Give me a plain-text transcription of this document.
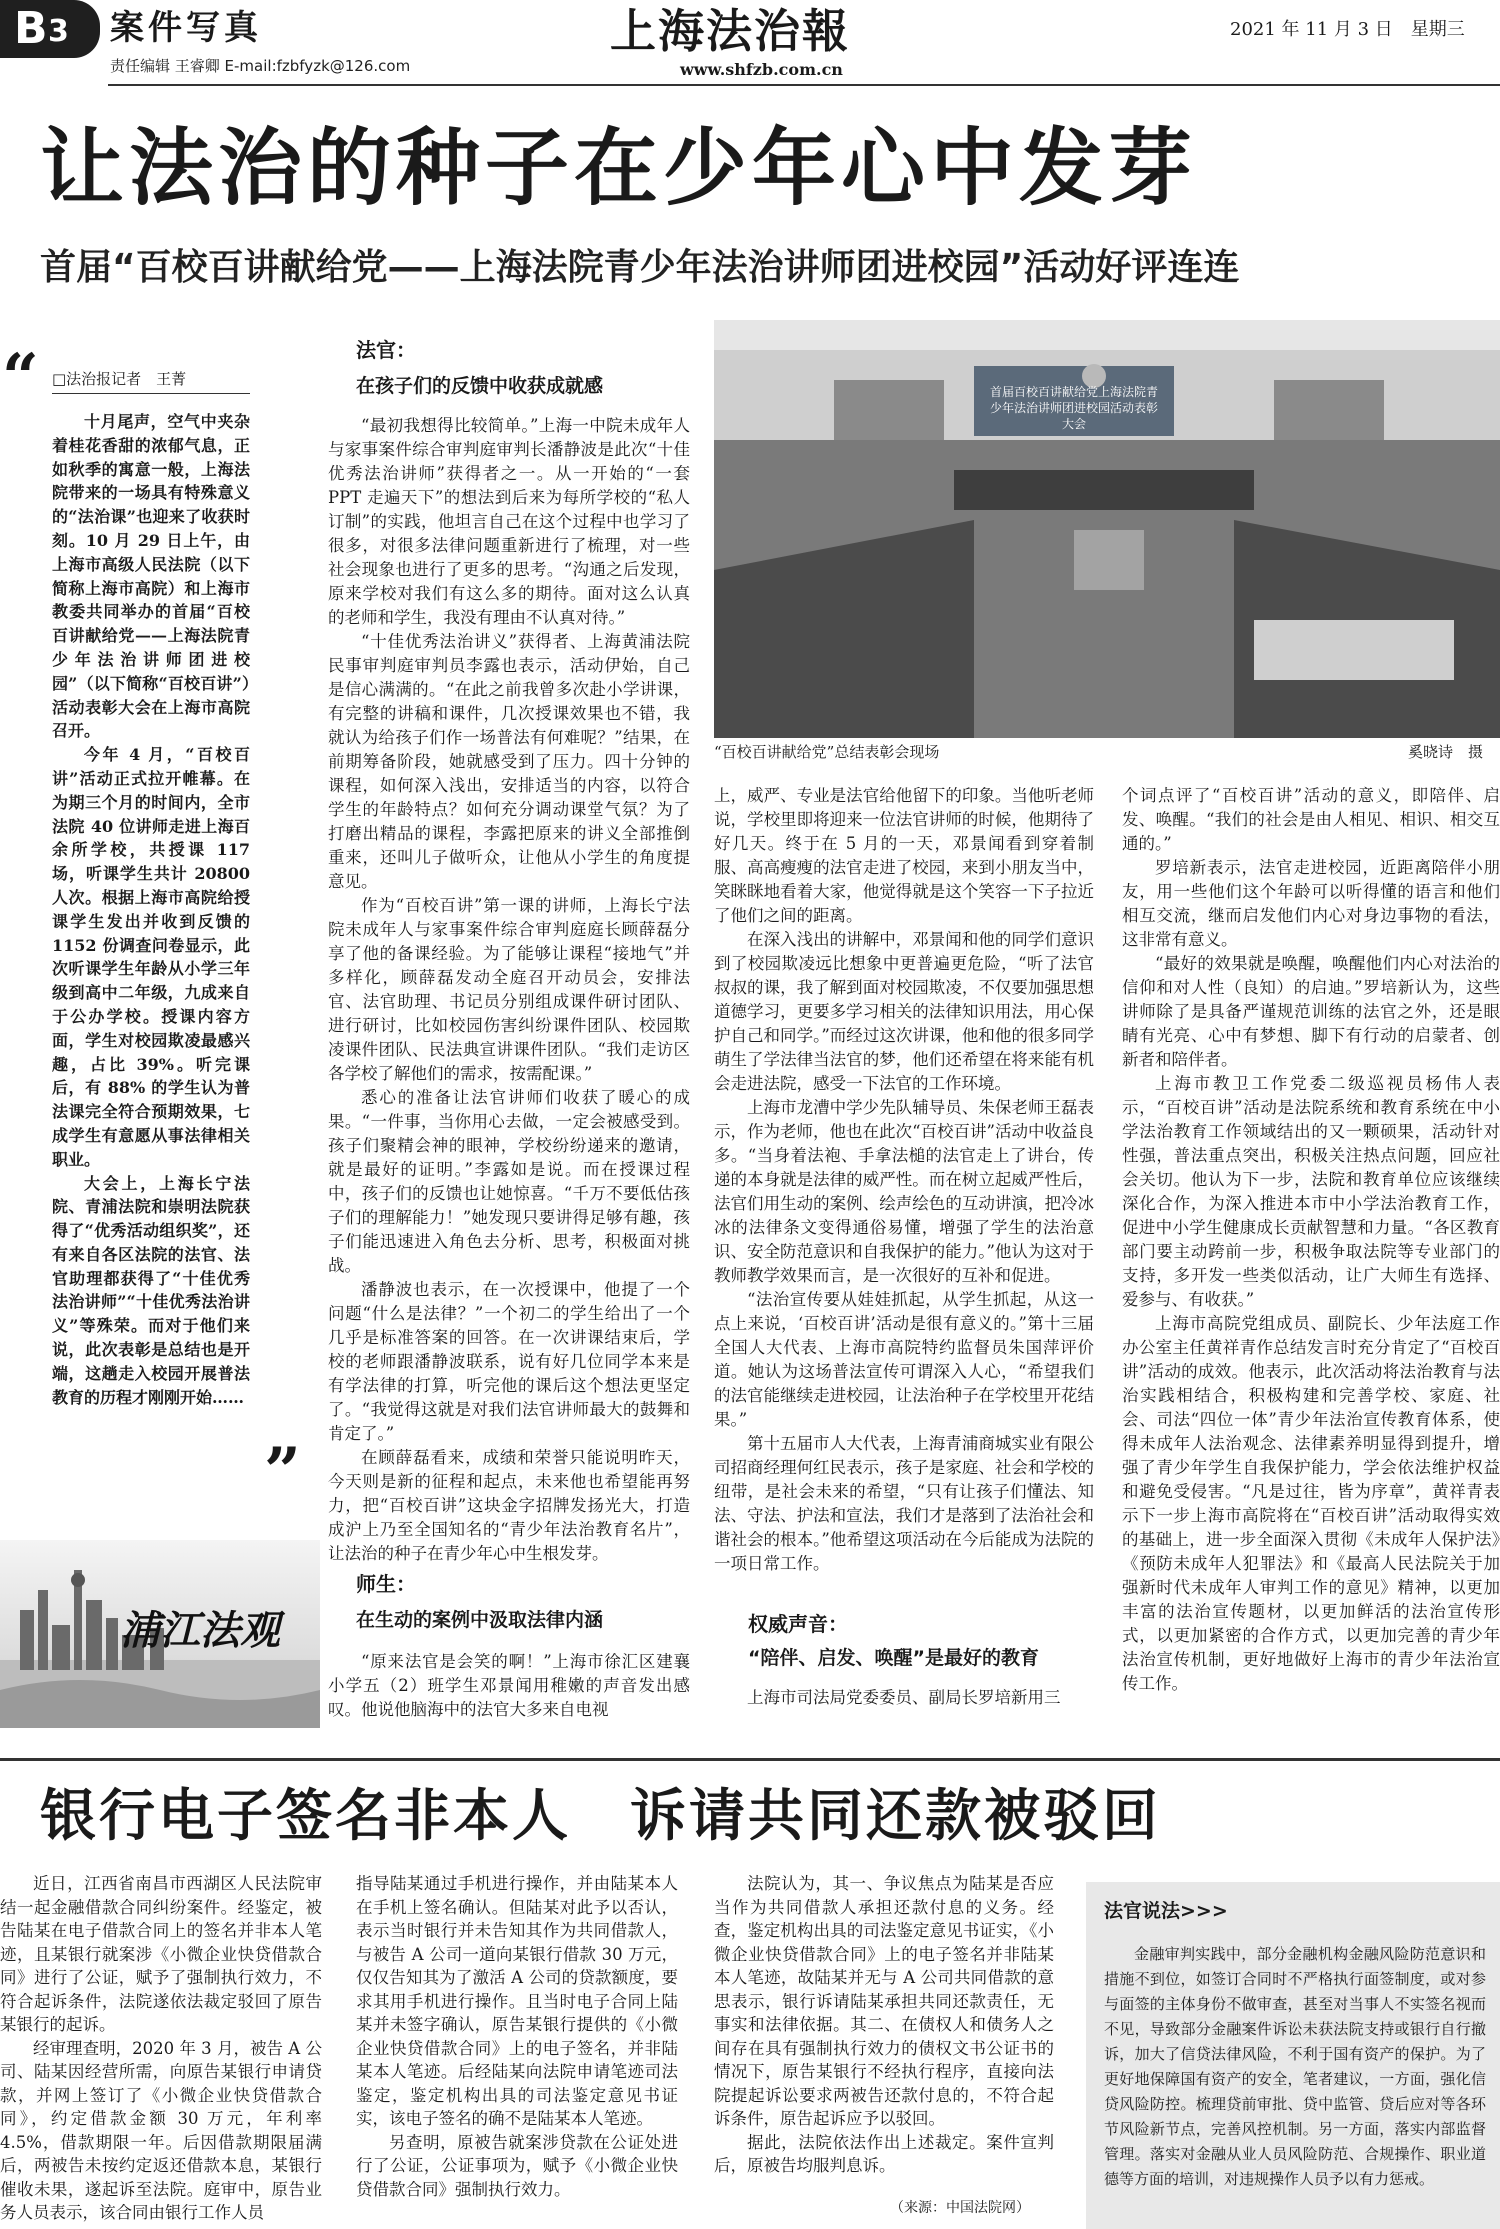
B 3 案件写真
责任编辑 王睿卿 E-mail:fzbfyzk@126.com
上海法治報
www.shfzb.com.cn
2021 年 11 月 3 日　星期三
让法治的种子在少年心中发芽
首届“百校百讲献给党——上海法院青少年法治讲师团进校园”活动好评连连
“ □法治报记者　王菁

十月尾声，空气中夹杂着桂花香甜的浓郁气息，正如秋季的寓意一般，上海法院带来的一场具有特殊意义的“法治课”也迎来了收获时刻。10 月 29 日上午，由上海市高级人民法院（以下简称上海市高院）和上海市教委共同举办的首届“百校百讲献给党——上海法院青少年法治讲师团进校园”（以下简称“百校百讲”）活动表彰大会在上海市高院召开。

今年 4 月，“百校百讲”活动正式拉开帷幕。在为期三个月的时间内，全市法院 40 位讲师走进上海百余所学校，共授课 117 场，听课学生共计 20800 人次。根据上海市高院给授课学生发出并收到反馈的 1152 份调查问卷显示，此次听课学生年龄从小学三年级到高中二年级，九成来自于公办学校。授课内容方面，学生对校园欺凌最感兴趣，占比 39%。听完课后，有 88% 的学生认为普法课完全符合预期效果，七成学生有意愿从事法律相关职业。

大会上，上海长宁法院、青浦法院和崇明法院获得了“优秀活动组织奖”，还有来自各区法院的法官、法官助理都获得了“十佳优秀法治讲师”“十佳优秀法治讲义”等殊荣。而对于他们来说，此次表彰是总结也是开端，这趟走入校园开展普法教育的历程才刚刚开始……

”
浦江法观
法官：
在孩子们的反馈中收获成就感

“最初我想得比较简单。”上海一中院未成年人与家事案件综合审判庭审判长潘静波是此次“十佳优秀法治讲师”获得者之一。从一开始的“一套 PPT 走遍天下”的想法到后来为每所学校的“私人订制”的实践，他坦言自己在这个过程中也学习了很多，对很多法律问题重新进行了梳理，对一些社会现象也进行了更多的思考。“沟通之后发现，原来学校对我们有这么多的期待。面对这么认真的老师和学生，我没有理由不认真对待。”

“十佳优秀法治讲义”获得者、上海黄浦法院民事审判庭审判员李露也表示，活动伊始，自己是信心满满的。“在此之前我曾多次赴小学讲课，有完整的讲稿和课件，几次授课效果也不错，我就认为给孩子们作一场普法有何难呢？”结果，在前期筹备阶段，她就感受到了压力。四十分钟的课程，如何深入浅出，安排适当的内容，以符合学生的年龄特点？如何充分调动课堂气氛？为了打磨出精品的课程，李露把原来的讲义全部推倒重来，还叫儿子做听众，让他从小学生的角度提意见。

作为“百校百讲”第一课的讲师，上海长宁法院未成年人与家事案件综合审判庭庭长顾薛磊分享了他的备课经验。为了能够让课程“接地气”并多样化，顾薛磊发动全庭召开动员会，安排法官、法官助理、书记员分别组成课件研讨团队、进行研讨，比如校园伤害纠纷课件团队、校园欺凌课件团队、民法典宣讲课件团队。“我们走访区各学校了解他们的需求，按需配课。”

悉心的准备让法官讲师们收获了暖心的成果。“一件事，当你用心去做，一定会被感受到。孩子们聚精会神的眼神，学校纷纷递来的邀请，就是最好的证明。”李露如是说。而在授课过程中，孩子们的反馈也让她惊喜。“千万不要低估孩子们的理解能力！”她发现只要讲得足够有趣，孩子们能迅速进入角色去分析、思考，积极面对挑战。

潘静波也表示，在一次授课中，他提了一个问题“什么是法律？”一个初二的学生给出了一个几乎是标准答案的回答。在一次讲课结束后，学校的老师跟潘静波联系，说有好几位同学本来是有学法律的打算，听完他的课后这个想法更坚定了。“我觉得这就是对我们法官讲师最大的鼓舞和肯定了。”

在顾薛磊看来，成绩和荣誉只能说明昨天，今天则是新的征程和起点，未来他也希望能再努力，把“百校百讲”这块金字招牌发扬光大，打造成沪上乃至全国知名的“青少年法治教育名片”，让法治的种子在青少年心中生根发芽。

师生：
在生动的案例中汲取法律内涵

“原来法官是会笑的啊！”上海市徐汇区建襄小学五（2）班学生邓景闻用稚嫩的声音发出感叹。他说他脑海中的法官大多来自电视

首届百校百讲献给党上海法院青少年法治讲师团进校园活动表彰大会
“百校百讲献给党”总结表彰会现场	奚晓诗　摄

上，威严、专业是法官给他留下的印象。当他听老师说，学校里即将迎来一位法官讲师的时候，他期待了好几天。终于在 5 月的一天，邓景闻看到穿着制服、高高瘦瘦的法官走进了校园，来到小朋友当中，笑眯眯地看着大家，他觉得就是这个笑容一下子拉近了他们之间的距离。

在深入浅出的讲解中，邓景闻和他的同学们意识到了校园欺凌远比想象中更普遍更危险，“听了法官叔叔的课，我了解到面对校园欺凌，不仅要加强思想道德学习，更要多学习相关的法律知识用法，用心保护自己和同学。”而经过这次讲课，他和他的很多同学萌生了学法律当法官的梦，他们还希望在将来能有机会走进法院，感受一下法官的工作环境。

上海市龙漕中学少先队辅导员、朱保老师王磊表示，作为老师，他也在此次“百校百讲”活动中收益良多。“当身着法袍、手拿法槌的法官走上了讲台，传递的本身就是法律的威严性。而在树立起威严性后，法官们用生动的案例、绘声绘色的互动讲演，把冷冰冰的法律条文变得通俗易懂，增强了学生的法治意识、安全防范意识和自我保护的能力。”他认为这对于教师教学效果而言，是一次很好的互补和促进。

“法治宣传要从娃娃抓起，从学生抓起，从这一点上来说，‘百校百讲’活动是很有意义的。”第十三届全国人大代表、上海市高院特约监督员朱国萍评价道。她认为这场普法宣传可谓深入人心，“希望我们的法官能继续走进校园，让法治种子在学校里开花结果。”

第十五届市人大代表，上海青浦商城实业有限公司招商经理何红民表示，孩子是家庭、社会和学校的纽带，是社会未来的希望，“只有让孩子们懂法、知法、守法、护法和宣法，我们才是落到了法治社会和谐社会的根本。”他希望这项活动在今后能成为法院的一项日常工作。

权威声音：
“陪伴、启发、唤醒”是最好的教育

上海市司法局党委委员、副局长罗培新用三

个词点评了“百校百讲”活动的意义，即陪伴、启发、唤醒。“我们的社会是由人相见、相识、相交互通的。”

罗培新表示，法官走进校园，近距离陪伴小朋友，用一些他们这个年龄可以听得懂的语言和他们相互交流，继而启发他们内心对身边事物的看法，这非常有意义。

“最好的效果就是唤醒，唤醒他们内心对法治的信仰和对人性（良知）的启迪。”罗培新认为，这些讲师除了是具备严谨规范训练的法官之外，还是眼睛有光亮、心中有梦想、脚下有行动的启蒙者、创新者和陪伴者。

上海市教卫工作党委二级巡视员杨伟人表示，“百校百讲”活动是法院系统和教育系统在中小学法治教育工作领域结出的又一颗硕果，活动针对性强，普法重点突出，积极关注热点问题，回应社会关切。他认为下一步，法院和教育单位应该继续深化合作，为深入推进本市中小学法治教育工作，促进中小学生健康成长贡献智慧和力量。“各区教育部门要主动跨前一步，积极争取法院等专业部门的支持，多开发一些类似活动，让广大师生有选择、爱参与、有收获。”

上海市高院党组成员、副院长、少年法庭工作办公室主任黄祥青作总结发言时充分肯定了“百校百讲”活动的成效。他表示，此次活动将法治教育与法治实践相结合，积极构建和完善学校、家庭、社会、司法“四位一体”青少年法治宣传教育体系，使得未成年人法治观念、法律素养明显得到提升，增强了青少年学生自我保护能力，学会依法维护权益和避免受侵害。“凡是过往，皆为序章”，黄祥青表示下一步上海市高院将在“百校百讲”活动取得实效的基础上，进一步全面深入贯彻《未成年人保护法》《预防未成年人犯罪法》和《最高人民法院关于加强新时代未成年人审判工作的意见》精神，以更加丰富的法治宣传题材，以更加鲜活的法治宣传形式，以更加紧密的合作方式，以更加完善的青少年法治宣传机制，更好地做好上海市的青少年法治宣传工作。

银行电子签名非本人　诉请共同还款被驳回

近日，江西省南昌市西湖区人民法院审结一起金融借款合同纠纷案件。经鉴定，被告陆某在电子借款合同上的签名并非本人笔迹，且某银行就案涉《小微企业快贷借款合同》进行了公证，赋予了强制执行效力，不符合起诉条件，法院遂依法裁定驳回了原告某银行的起诉。

经审理查明，2020 年 3 月，被告 A 公司、陆某因经营所需，向原告某银行申请贷款，并网上签订了《小微企业快贷借款合同》，约定借款金额 30 万元，年利率 4.5%，借款期限一年。后因借款期限届满后，两被告未按约定返还借款本息，某银行催收未果，遂起诉至法院。庭审中，原告业务人员表示，该合同由银行工作人员

指导陆某通过手机进行操作，并由陆某本人在手机上签名确认。但陆某对此予以否认，表示当时银行并未告知其作为共同借款人，与被告 A 公司一道向某银行借款 30 万元，仅仅告知其为了激活 A 公司的贷款额度，要求其用手机进行操作。且当时电子合同上陆某并未签字确认，原告某银行提供的《小微企业快贷借款合同》上的电子签名，并非陆某本人笔迹。后经陆某向法院申请笔迹司法鉴定，鉴定机构出具的司法鉴定意见书证实，该电子签名的确不是陆某本人笔迹。

另查明，原被告就案涉贷款在公证处进行了公证，公证事项为，赋予《小微企业快贷借款合同》强制执行效力。

法院认为，其一、争议焦点为陆某是否应当作为共同借款人承担还款付息的义务。经查，鉴定机构出具的司法鉴定意见书证实，《小微企业快贷借款合同》上的电子签名并非陆某本人笔迹，故陆某并无与 A 公司共同借款的意思表示，银行诉请陆某承担共同还款责任，无事实和法律依据。其二、在债权人和债务人之间存在具有强制执行效力的债权文书公证书的情况下，原告某银行不经执行程序，直接向法院提起诉讼要求两被告还款付息的，不符合起诉条件，原告起诉应予以驳回。

据此，法院依法作出上述裁定。案件宣判后，原被告均服判息诉。

（来源：中国法院网）
法官说法>>>
金融审判实践中，部分金融机构金融风险防范意识和措施不到位，如签订合同时不严格执行面签制度，或对参与面签的主体身份不做审查，甚至对当事人不实签名视而不见，导致部分金融案件诉讼未获法院支持或银行自行撤诉，加大了信贷法律风险，不利于国有资产的保护。为了更好地保障国有资产的安全，笔者建议，一方面，强化信贷风险防控。梳理贷前审批、贷中监管、贷后应对等各环节风险新节点，完善风控机制。另一方面，落实内部监督管理。落实对金融从业人员风险防范、合规操作、职业道德等方面的培训，对违规操作人员予以有力惩戒。
